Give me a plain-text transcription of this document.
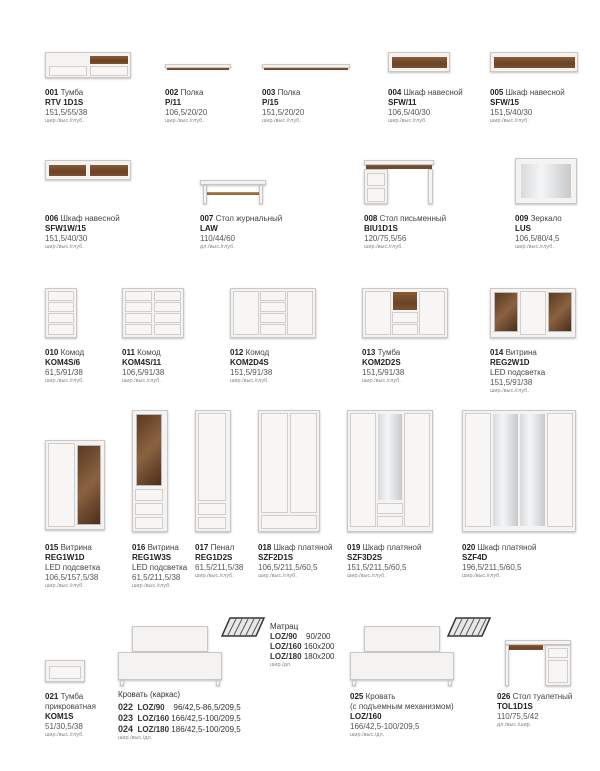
001 Тумба
RTV 1D1S
151,5/55/38
шир./выс./глуб.
002 Полка
P/11
106,5/20/20
шир./выс./глуб.
003 Полка
P/15
151,5/20/20
шир./выс./глуб.
004 Шкаф навесной
SFW/11
106,5/40/30
шир./выс./глуб.
005 Шкаф навесной
SFW/15
151,5/40/30
шир./выс./глуб.
006 Шкаф навесной
SFW1W/15
151,5/40/30
шир./выс./глуб.
007 Стол журнальный
LAW
110/44/60
дл./выс./глуб.
008 Стол письменный
BIU1D1S
120/75,5/56
шир./выс./глуб.
009 Зеркало
LUS
106,5/80/4,5
шир./выс./глуб.
010 Комод
KOM4S/6
61,5/91/38
шир./выс./глуб.
011 Комод
KOM4S/11
106,5/91/38
шир./выс./глуб.
012 Комод
KOM2D4S
151,5/91/38
шир./выс./глуб.
013 Тумба
KOM2D2S
151,5/91/38
шир./выс./глуб.
014 Витрина
REG2W1D
LED подсветка
151,5/91/38
шир./выс./глуб.
015 Витрина
REG1W1D
LED подсветка
106,5/157,5/38
шир./выс./глуб.
016 Витрина
REG1W3S
LED подсветка
61,5/211,5/38
шир./выс./глуб.
017 Пенал
REG1D2S
61,5/211,5/38
шир./выс./глуб.
018 Шкаф платяной
SZF2D1S
106,5/211,5/60,5
шир./выс./глуб.
019 Шкаф платяной
SZF3D2S
151,5/211,5/60,5
шир./выс./глуб.
020 Шкаф платяной
SZF4D
196,5/211,5/60,5
шир./выс./глуб.
021 Тумба
прикроватная
KOM1S
51/30,5/38
шир./выс./глуб.
025 Кровать
(с подъемным механизмом)
LOZ/160
166/42,5-100/209,5
шир./выс./дл.
026 Стол туалетный
TOL1D1S
110/75,5/42
дл./выс./шир.
Матрац
LOZ/90 90/200
LOZ/160 160x200
LOZ/180 180x200
шир./дл.
Кровать (каркас)
022 LOZ/90 96/42,5-86,5/209,5
023 LOZ/160 166/42,5-100/209,5
024 LOZ/180 186/42,5-100/209,5
шир./выс./дл.
